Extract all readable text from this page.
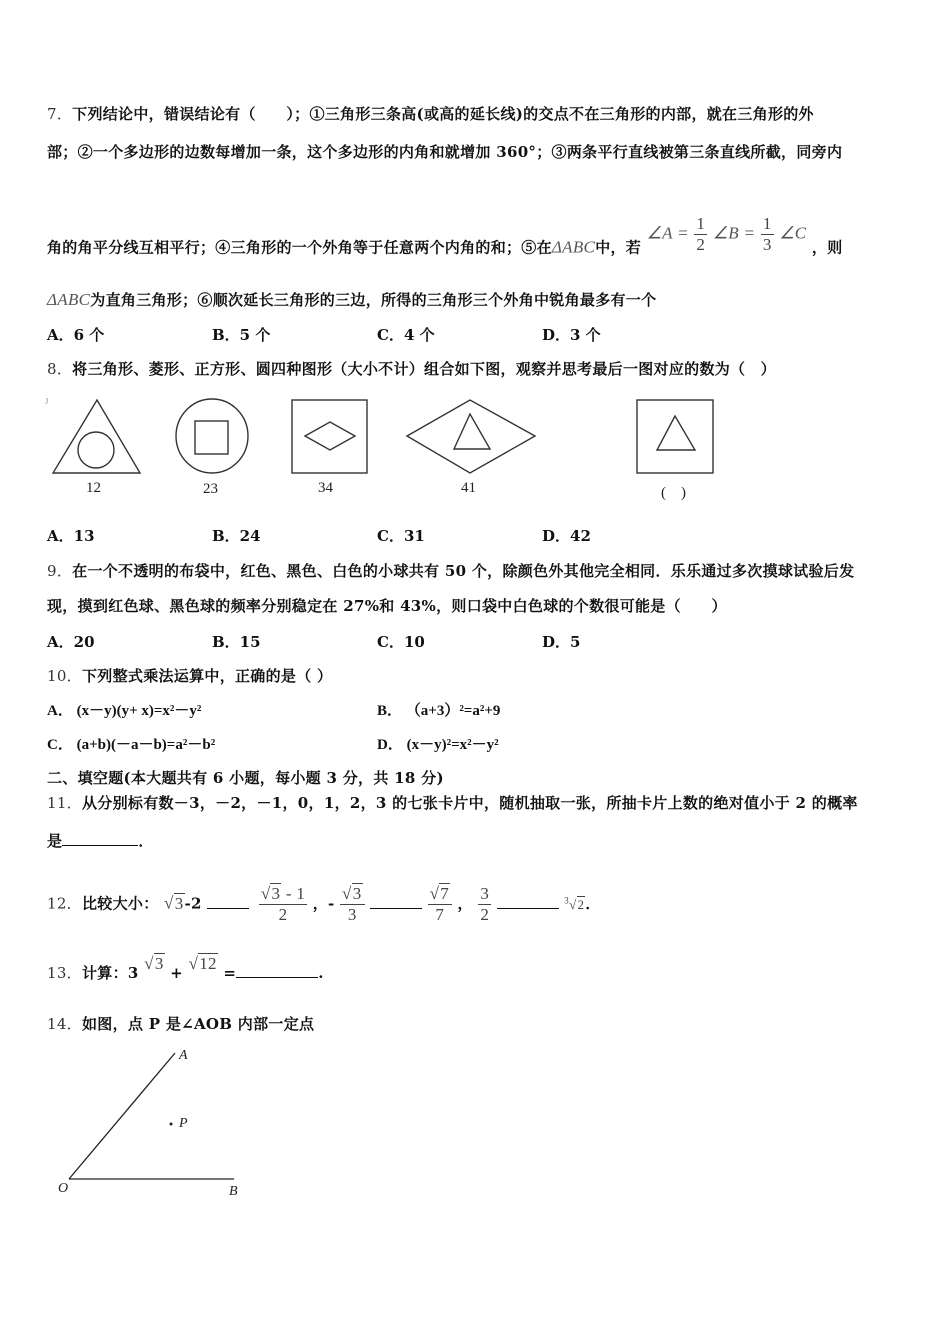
7．下列结论中，错误结论有（　　）；①三角形三条高(或高的延长线)的交点不在三角形的内部，就在三角形的外
部；②一个多边形的边数每增加一条，这个多边形的内角和就增加 360°；③两条平行直线被第三条直线所截，同旁内
角的角平分线互相平行；④三角形的一个外角等于任意两个内角的和；⑤在ΔABC中，若 ∠A = $\frac{1}{2}$ ∠B = $\frac{1}{3}$ ∠C ，则
ΔABC为直角三角形；⑥顺次延长三角形的三边，所得的三角形三个外角中锐角最多有一个
A．6 个	B．5 个	C．4 个	D．3 个
8．将三角形、菱形、正方形、圆四种图形（大小不计）组合如下图，观察并思考最后一图对应的数为（　）
ȷ
12	23	34	41	(　)
A．13	B．24	C．31	D．42
9．在一个不透明的布袋中，红色、黑色、白色的小球共有 50 个，除颜色外其他完全相同．乐乐通过多次摸球试验后发
现，摸到红色球、黑色球的频率分别稳定在 27%和 43%，则口袋中白色球的个数很可能是（　　）
A．20	B．15	C．10	D．5
10．下列整式乘法运算中，正确的是（ ）
A． (x－y)(y+ x)=x²－y²	B． （a+3）²=a²+9
C． (a+b)(－a－b)=a²－b²	D． (x－y)²=x²－y²
二、填空题(本大题共有 6 小题，每小题 3 分，共 18 分)
11．从分别标有数－3，－2，－1，0，1，2，3 的七张卡片中，随机抽取一张，所抽卡片上数的绝对值小于 2 的概率
是	．
12．比较大小： √3-2	$\frac{√3 - 1}{2}$ ，- $\frac{√3}{3}$
	$\frac{√7}{7}$ ， $\frac{3}{2}$	$^3$√2．
13．计算：3 √3 + √12 =	.
14．如图，点 P 是∠AOB 内部一定点
A
P
O	B
